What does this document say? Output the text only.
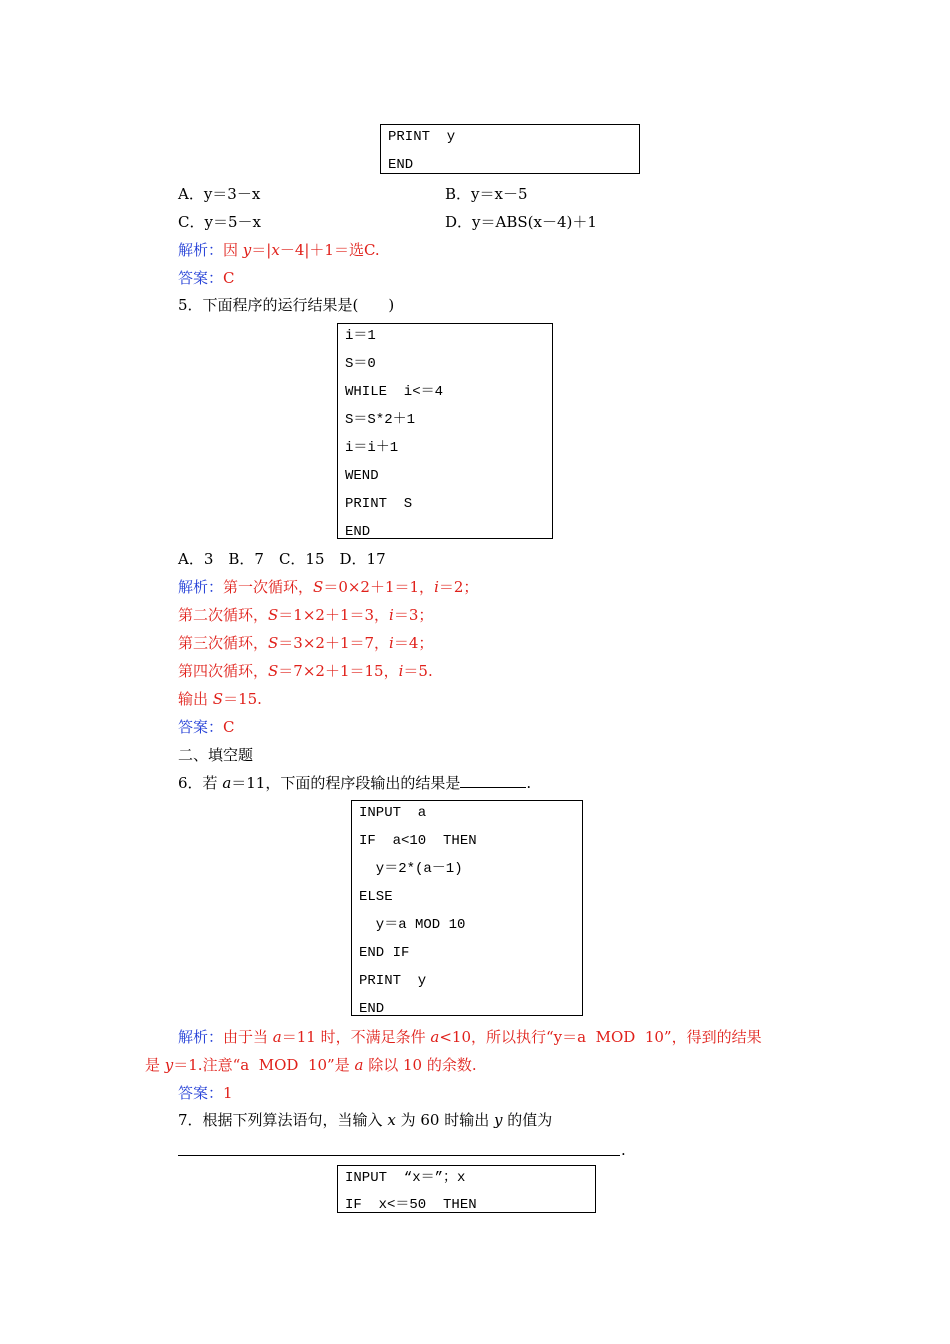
PRINT  y
END
A．y＝3－x	B．y＝x－5
C．y＝5－x	D．y＝ABS(x－4)＋1
解析：因 y＝|x－4|＋1＝选C.
答案：C
5．下面程序的运行结果是(　　)
i＝1
S＝0
WHILE  i<＝4
S＝S*2＋1
i＝i＋1
WEND
PRINT  S
END
A．3　B．7　C．15　D．17
解析：第一次循环，S＝0×2＋1＝1，i＝2；
第二次循环，S＝1×2＋1＝3，i＝3；
第三次循环，S＝3×2＋1＝7，i＝4；
第四次循环，S＝7×2＋1＝15，i＝5.
输出 S＝15.
答案：C
二、填空题
6．若 a＝11，下面的程序段输出的结果是	.
INPUT  a
IF  a<10  THEN
y＝2*(a－1)
ELSE
y＝a MOD 10
END IF
PRINT  y
END
解析：由于当 a＝11 时，不满足条件 a<10，所以执行“y＝a  MOD  10”，得到的结果
是 y＝1.注意“a  MOD  10”是 a 除以 10 的余数.
答案：1
7．根据下列算法语句，当输入 x 为 60 时输出 y 的值为
.
INPUT  “x＝”；x
IF  x<＝50  THEN
